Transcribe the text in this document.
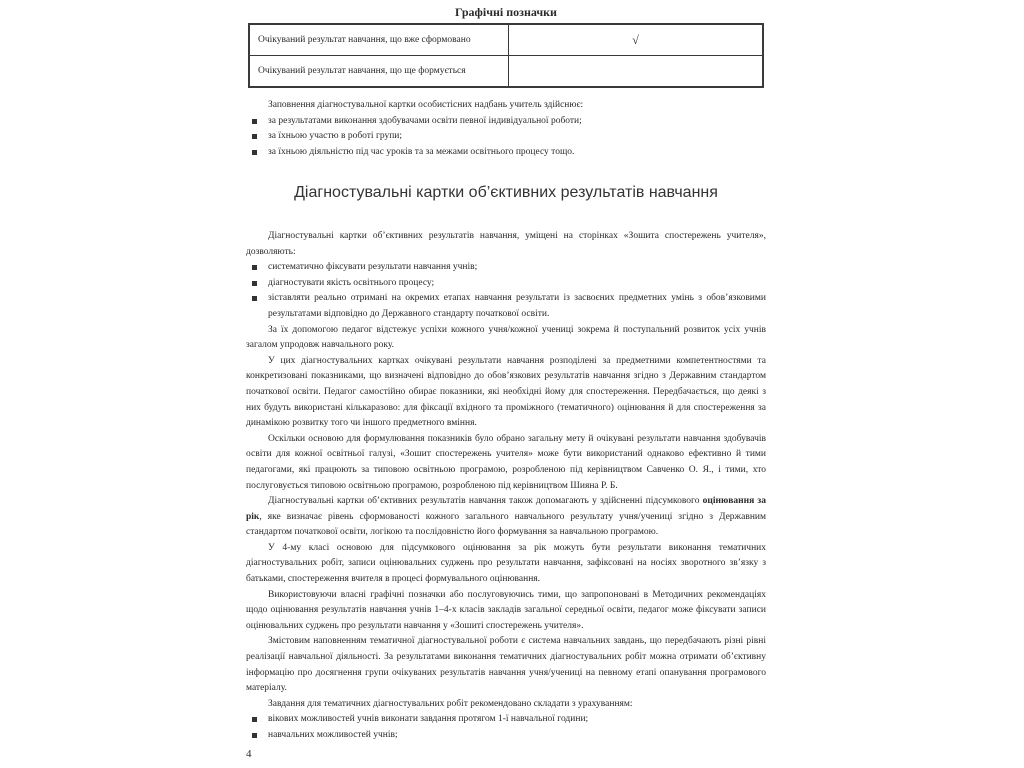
Графічні позначки
Очікуваний результат навчання, що вже сформовано	√
Очікуваний результат навчання, що ще формується	

Заповнення діагностувальної картки особистісних надбань учитель здійснює:

за результатами виконання здобувачами освіти певної індивідуальної роботи;
за їхньою участю в роботі групи;
за їхньою діяльністю під час уроків та за межами освітнього процесу тощо.
Діагностувальні картки об’єктивних результатів навчання

Діагностувальні картки об’єктивних результатів навчання, уміщені на сторінках «Зошита спостережень учителя», дозволяють:

систематично фіксувати результати навчання учнів;
діагностувати якість освітнього процесу;
зіставляти реально отримані на окремих етапах навчання результати із засвоєних предметних умінь з обов’язковими результатами відповідно до Державного стандарту початкової освіти.

За їх допомогою педагог відстежує успіхи кожного учня/кожної учениці зокрема й поступальний розвиток усіх учнів загалом упродовж навчального року.

У цих діагностувальних картках очікувані результати навчання розподілені за предметними компетентностями та конкретизовані показниками, що визначені відповідно до обов’язкових результатів навчання згідно з Державним стандартом початкової освіти. Педагог самостійно обирає показники, які необхідні йому для спостереження. Передбачається, що деякі з них будуть використані кількаразово: для фіксації вхідного та проміжного (тематичного) оцінювання й для спостереження за динамікою розвитку того чи іншого предметного вміння.

Оскільки основою для формулювання показників було обрано загальну мету й очікувані результати навчання здобувачів освіти для кожної освітньої галузі, «Зошит спостережень учителя» може бути використаний однаково ефективно й тими педагогами, які працюють за типовою освітньою програмою, розробленою під керівництвом Савченко О. Я., і тими, хто послуговується типовою освітньою програмою, розробленою під керівництвом Шияна Р. Б.

Діагностувальні картки об’єктивних результатів навчання також допомагають у здійсненні підсумкового оцінювання за рік, яке визначає рівень сформованості кожного загального навчального результату учня/учениці згідно з Державним стандартом початкової освіти, логікою та послідовністю його формування за навчальною програмою.

У 4-му класі основою для підсумкового оцінювання за рік можуть бути результати виконання тематичних діагностувальних робіт, записи оцінювальних суджень про результати навчання, зафіксовані на носіях зворотного зв’язку з батьками, спостереження вчителя в процесі формувального оцінювання.

Використовуючи власні графічні позначки або послуговуючись тими, що запропоновані в Методичних рекомендаціях щодо оцінювання результатів навчання учнів 1–4-х класів закладів загальної середньої освіти, педагог може фіксувати записи оцінювальних суджень про результати навчання у «Зошиті спостережень учителя».

Змістовим наповненням тематичної діагностувальної роботи є система навчальних завдань, що передбачають різні рівні реалізації навчальної діяльності. За результатами виконання тематичних діагностувальних робіт можна отримати об’єктивну інформацію про досягнення групи очікуваних результатів навчання учня/учениці на певному етапі опанування програмового матеріалу.

Завдання для тематичних діагностувальних робіт рекомендовано складати з урахуванням:

вікових можливостей учнів виконати завдання протягом 1-ї навчальної години;
навчальних можливостей учнів;
4
